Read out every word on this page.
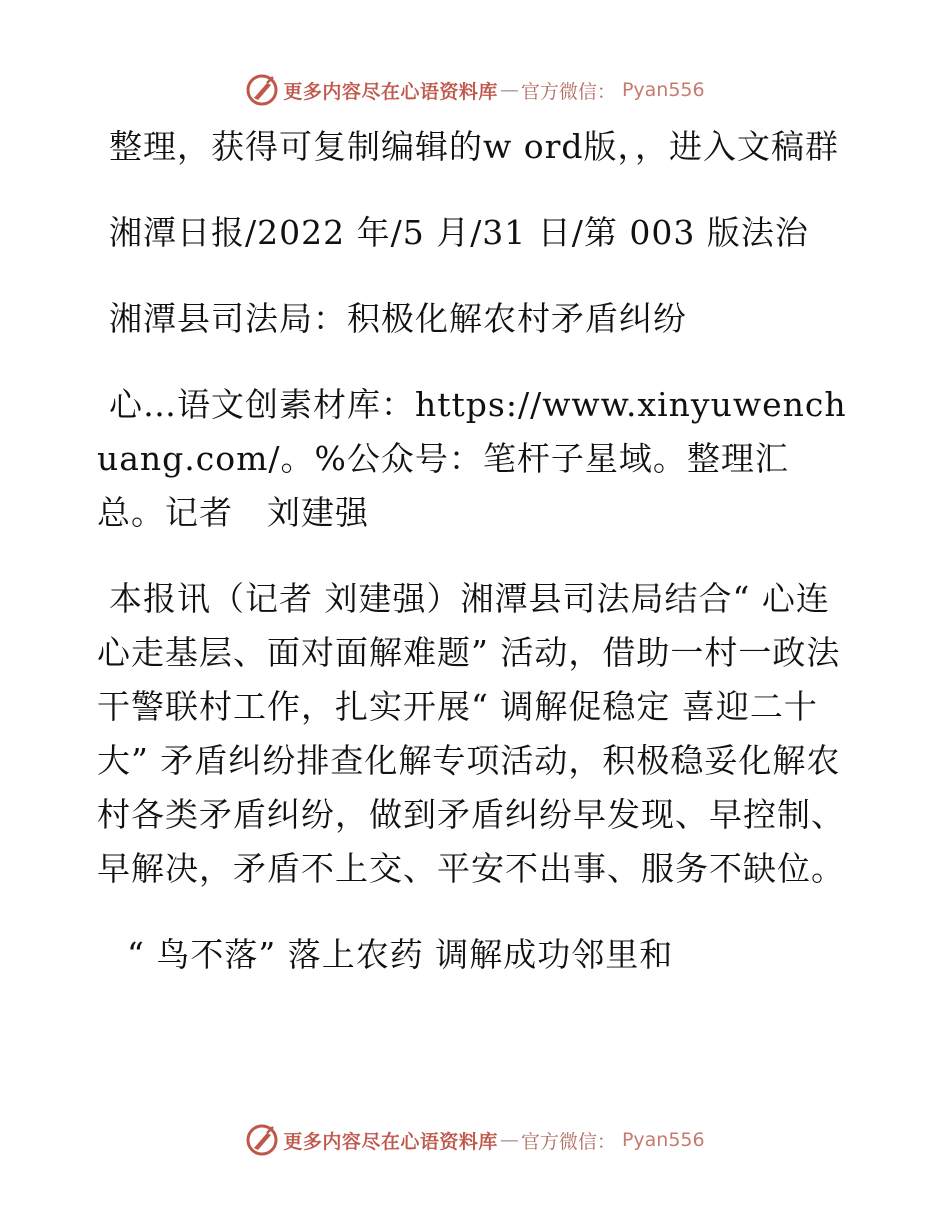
更多内容尽在心语资料库 — 官方微信： Pyan556

整理，获得可复制编辑的w ord版，，进入文稿群

湘潭日报/2022 年/5 月/31 日/第 003 版法治

湘潭县司法局：积极化解农村矛盾纠纷

心…语文创素材库：https://www.xinyuwenchuang.com/。%公众号：笔杆子星域。整理汇总。记者　刘建强

本报讯（记者 刘建强）湘潭县司法局结合“ 心连心走基层、面对面解难题” 活动，借助一村一政法干警联村工作，扎实开展“ 调解促稳定 喜迎二十大” 矛盾纠纷排查化解专项活动，积极稳妥化解农村各类矛盾纠纷，做到矛盾纠纷早发现、早控制、早解决，矛盾不上交、平安不出事、服务不缺位。

“ 鸟不落” 落上农药 调解成功邻里和

更多内容尽在心语资料库 — 官方微信： Pyan556
